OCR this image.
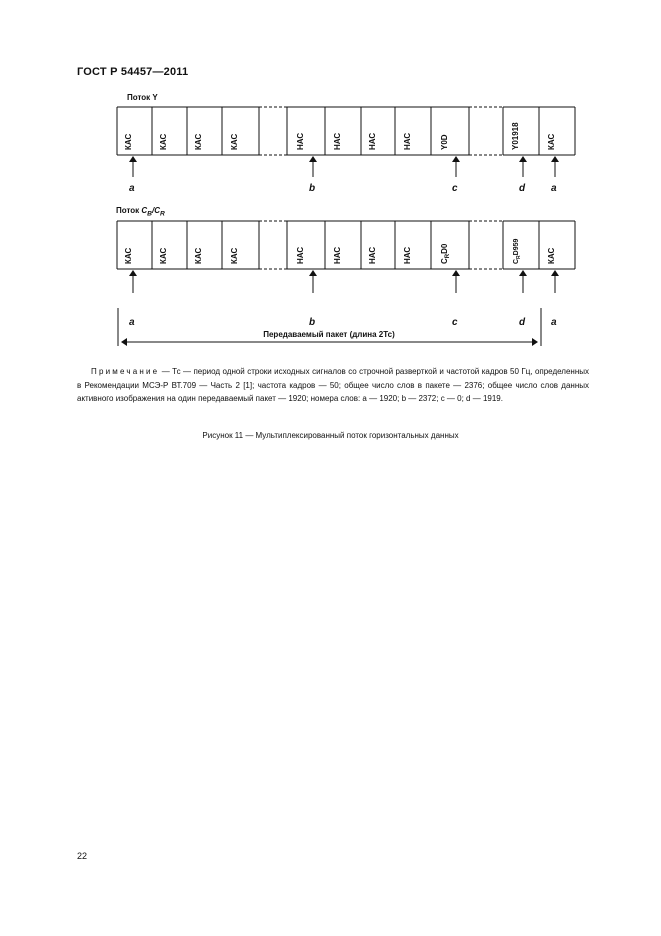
ГОСТ Р 54457—2011
Поток Y
Поток $C_B/C_R$
КАС	КАС	КАС	КАС	НАС	НАС	НАС	НАС	Y0D	Y01918	КАС
a	b	c	d	a
КАС	КАС	КАС	КАС	НАС	НАС	НАС	НАС	$C_RD0$
$C_RD959$
КАС
a	b	c	d	a
Передаваемый пакет (длина 2Тс)
Примечание — Тс — период одной строки исходных сигналов со строчной разверткой и частотой кадров 50 Гц, определенных в Рекомендации МСЭ-Р ВТ.709 — Часть 2 [1]; частота кадров — 50; общее число слов в пакете — 2376; общее число слов данных активного изображения на один передаваемый пакет — 1920; номера слов: a — 1920; b — 2372; c — 0; d — 1919.
Рисунок 11 — Мультиплексированный поток горизонтальных данных
22
